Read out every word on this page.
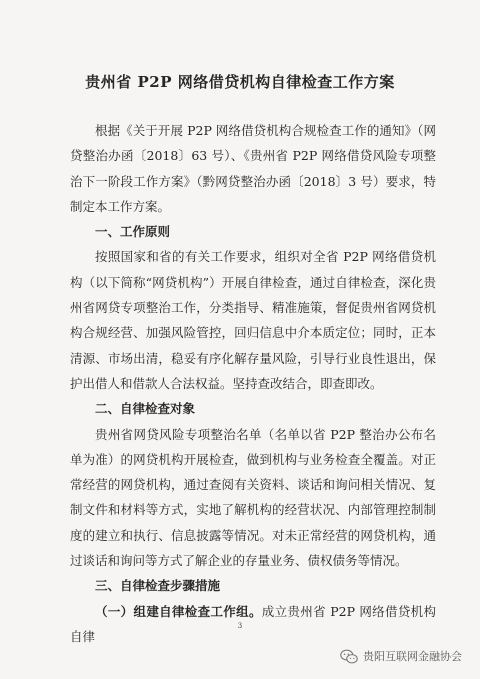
贵州省 P2P 网络借贷机构自律检查工作方案

根据《关于开展 P2P 网络借贷机构合规检查工作的通知》（网贷整治办函〔2018〕63 号）、《贵州省 P2P 网络借贷风险专项整治下一阶段工作方案》（黔网贷整治办函〔2018〕3 号）要求，特制定本工作方案。

一、工作原则

按照国家和省的有关工作要求，组织对全省 P2P 网络借贷机构（以下简称“网贷机构”）开展自律检查，通过自律检查，深化贵州省网贷专项整治工作，分类指导、精准施策，督促贵州省网贷机构合规经营、加强风险管控，回归信息中介本质定位；同时，正本清源、市场出清，稳妥有序化解存量风险，引导行业良性退出，保护出借人和借款人合法权益。坚持查改结合，即查即改。

二、自律检查对象

贵州省网贷风险专项整治名单（名单以省 P2P 整治办公布名单为准）的网贷机构开展检查，做到机构与业务检查全覆盖。对正常经营的网贷机构，通过查阅有关资料、谈话和询问相关情况、复制文件和材料等方式，实地了解机构的经营状况、内部管理控制制度的建立和执行、信息披露等情况。对未正常经营的网贷机构，通过谈话和询问等方式了解企业的存量业务、债权债务等情况。

三、自律检查步骤措施

（一）组建自律检查工作组。成立贵州省 P2P 网络借贷机构自律

3
贵阳互联网金融协会
